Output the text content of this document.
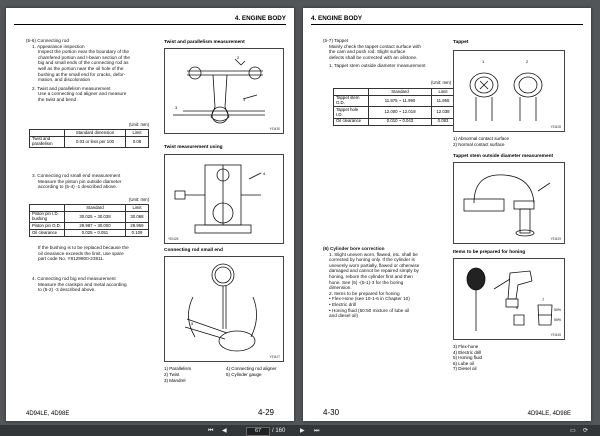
4. ENGINE BODY

(5-6) Connecting rod

1. Appearance inspection

Inspect the portion near the boundary of the

chamfered portion and I-beam section of the

big and small ends of the connecting rod as

well as the portion near the oil hole of the

bushing at the small end for cracks, defor-

mation, and discoloration

2. Twist and parallelism measurement

Use a connecting rod aligner and measure

the twist and bend .

(Unit: mm)
	Standard dimension	Limit
Twist and parallelism	0.03 or less per 100	0.08

3. Connecting rod small end measurement

Measure the piston pin outside diameter

according to (5-4) -1 described above.

(Unit: mm)
	Standard	Limit
Piston pin I.D. bushing	30.025 ~ 30.038	30.068
Piston pin O.D.	29.987 ~ 30.000	29.959
Oil clearance	0.025 ~ 0.051	0.109

If the bushing is to be replaced because the

oil clearance exceeds the limit, use spare

part code No. Y8129900-23911.

4. Connecting rod big end measurement

Measure the crankpin and metal according

to (5-2) -3 described above.

Twist and parallelism measurement
1
2
3
YEI430

Twist measurement using

4
YEI426
Connecting rod small end
5
YEI427
1) Parallelism
2) Twist
3) Mandrel
4) Connecting rod aligner
5) Cylinder gauge
4D94LE, 4D98E	4-29
4. ENGINE BODY

(5-7) Tappet

Mainly check the tappet contact surface with

the cam and push rod. Slight surface

defects shall be corrected with an oilstone.

1. Tappet stem outside diameter measurement

(Unit: mm)
	Standard	Limit
Tappet stem O.D.	11.975 ~ 11.990	11.955
Tappet hole I.D.	12.000 ~ 12.018	12.038
Oil clearance	0.010 ~ 0.043	0.083

(6) Cylinder bore correction

1. Slight uneven worn, flawed, etc. shall be

corrected by honing only. If the cylinder is

unevenly worn partially, flawed or otherwise

damaged and cannot be repaired simply by

honing, rebore the cylinder first and then

hone. See (5) -(5-1)-3 for the boring

dimension.

2. Items to be prepared for honing

• Flex-Hone (see 10-1-6 in Chapter 10)

• Electric drill

• Honing fluid (50:50 mixture of lube oil

and diesel oil)

Tappet
1	2
YEI428
1) Abnormal contact surface
2) Normal contact surface
Tappet stem outside diameter measurement
YEI429
Items to be prepared for honing
6
7
50%
50%
YEI445
3) Flex-hone
4) Electric drill
5) Honing fluid
6) Lube oil
7) Diesel oil
4-30	4D94LE, 4D98E
⏮ ◀	67	/ 160 ▶ ⏭	▭ ⟳
